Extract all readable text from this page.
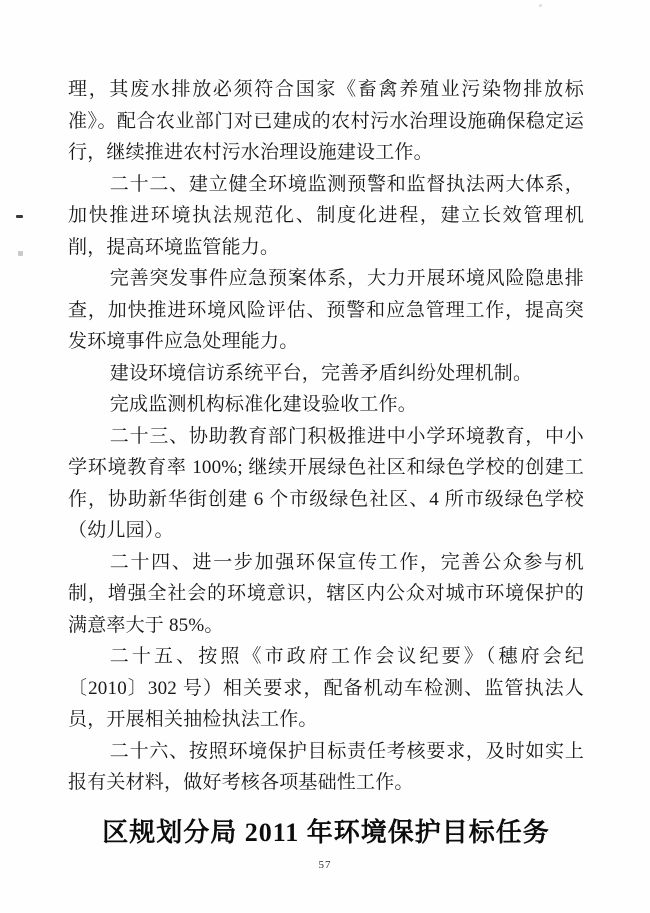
理，其废水排放必须符合国家《畜禽养殖业污染物排放标准》。配合农业部门对已建成的农村污水治理设施确保稳定运行，继续推进农村污水治理设施建设工作。

二十二、建立健全环境监测预警和监督执法两大体系，加快推进环境执法规范化、制度化进程，建立长效管理机削，提高环境监管能力。

完善突发事件应急预案体系，大力开展环境风险隐患排查，加快推进环境风险评估、预警和应急管理工作，提高突发环境事件应急处理能力。

建设环境信访系统平台，完善矛盾纠纷处理机制。

完成监测机构标准化建设验收工作。

二十三、协助教育部门积极推进中小学环境教育，中小学环境教育率 100%; 继续开展绿色社区和绿色学校的创建工作，协助新华街创建 6 个市级绿色社区、4 所市级绿色学校（幼儿园）。

二十四、进一步加强环保宣传工作，完善公众参与机制，增强全社会的环境意识，辖区内公众对城市环境保护的满意率大于 85%。

二十五、按照《市政府工作会议纪要》（穗府会纪〔2010〕302 号）相关要求，配备机动车检测、监管执法人员，开展相关抽检执法工作。

二十六、按照环境保护目标责任考核要求，及时如实上报有关材料，做好考核各项基础性工作。

区规划分局 2011 年环境保护目标任务
57
